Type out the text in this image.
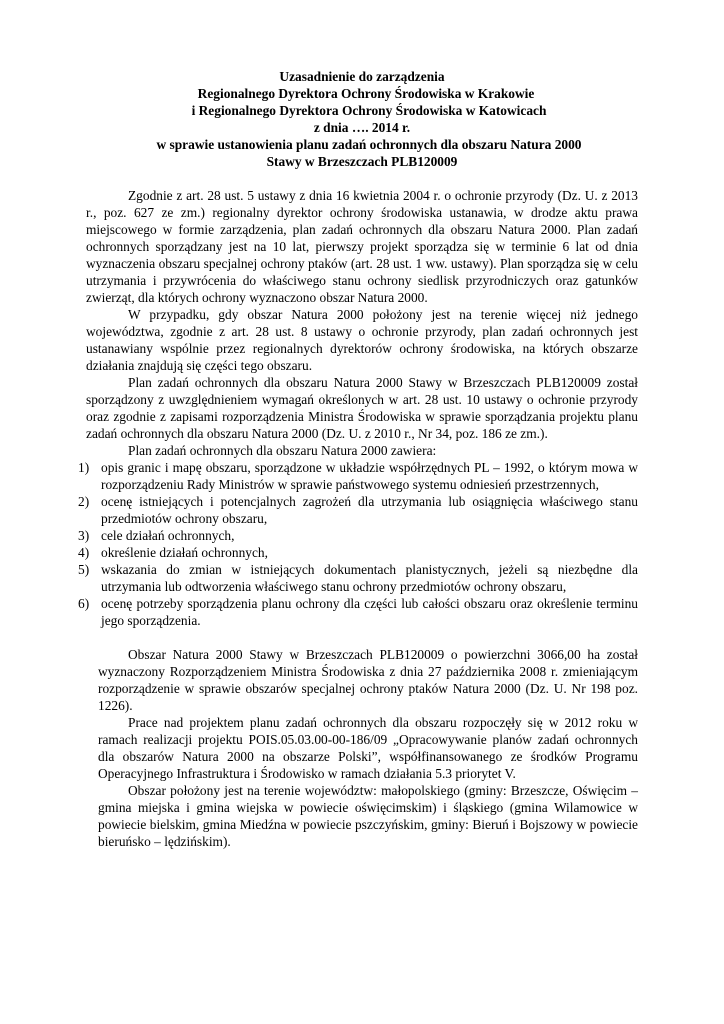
Uzasadnienie do zarządzenia
Regionalnego Dyrektora Ochrony Środowiska w Krakowie
i Regionalnego Dyrektora Ochrony Środowiska w Katowicach
z dnia …. 2014 r.
w sprawie ustanowienia planu zadań ochronnych dla obszaru Natura 2000
Stawy w Brzeszczach PLB120009

Zgodnie z art. 28 ust. 5 ustawy z dnia 16 kwietnia 2004 r. o ochronie przyrody (Dz. U. z 2013 r., poz. 627 ze zm.) regionalny dyrektor ochrony środowiska ustanawia, w drodze aktu prawa miejscowego w formie zarządzenia, plan zadań ochronnych dla obszaru Natura 2000. Plan zadań ochronnych sporządzany jest na 10 lat, pierwszy projekt sporządza się w terminie 6 lat od dnia wyznaczenia obszaru specjalnej ochrony ptaków (art. 28 ust. 1 ww. ustawy). Plan sporządza się w celu utrzymania i przywrócenia do właściwego stanu ochrony siedlisk przyrodniczych oraz gatunków zwierząt, dla których ochrony wyznaczono obszar Natura 2000.

W przypadku, gdy obszar Natura 2000 położony jest na terenie więcej niż jednego województwa, zgodnie z art. 28 ust. 8 ustawy o ochronie przyrody, plan zadań ochronnych jest ustanawiany wspólnie przez regionalnych dyrektorów ochrony środowiska, na których obszarze działania znajdują się części tego obszaru.

Plan zadań ochronnych dla obszaru Natura 2000 Stawy w Brzeszczach PLB120009 został sporządzony z uwzględnieniem wymagań określonych w art. 28 ust. 10 ustawy o ochronie przyrody oraz zgodnie z zapisami rozporządzenia Ministra Środowiska w sprawie sporządzania projektu planu zadań ochronnych dla obszaru Natura 2000 (Dz. U. z 2010 r., Nr 34, poz. 186 ze zm.).

Plan zadań ochronnych dla obszaru Natura 2000 zawiera:

1) opis granic i mapę obszaru, sporządzone w układzie współrzędnych PL – 1992, o którym mowa w rozporządzeniu Rady Ministrów w sprawie państwowego systemu odniesień przestrzennych,
2) ocenę istniejących i potencjalnych zagrożeń dla utrzymania lub osiągnięcia właściwego stanu przedmiotów ochrony obszaru,
3) cele działań ochronnych,
4) określenie działań ochronnych,
5) wskazania do zmian w istniejących dokumentach planistycznych, jeżeli są niezbędne dla utrzymania lub odtworzenia właściwego stanu ochrony przedmiotów ochrony obszaru,
6) ocenę potrzeby sporządzenia planu ochrony dla części lub całości obszaru oraz określenie terminu jego sporządzenia.

Obszar Natura 2000 Stawy w Brzeszczach PLB120009 o powierzchni 3066,00 ha został wyznaczony Rozporządzeniem Ministra Środowiska z dnia 27 października 2008 r. zmieniającym rozporządzenie w sprawie obszarów specjalnej ochrony ptaków Natura 2000 (Dz. U. Nr 198 poz. 1226).

Prace nad projektem planu zadań ochronnych dla obszaru rozpoczęły się w 2012 roku w ramach realizacji projektu POIS.05.03.00-00-186/09 „Opracowywanie planów zadań ochronnych dla obszarów Natura 2000 na obszarze Polski”, współfinansowanego ze środków Programu Operacyjnego Infrastruktura i Środowisko w ramach działania 5.3 priorytet V.

Obszar położony jest na terenie województw: małopolskiego (gminy: Brzeszcze, Oświęcim – gmina miejska i gmina wiejska w powiecie oświęcimskim) i śląskiego (gmina Wilamowice w powiecie bielskim, gmina Miedźna w powiecie pszczyńskim, gminy: Bieruń i Bojszowy w powiecie bieruńsko – lędzińskim).
